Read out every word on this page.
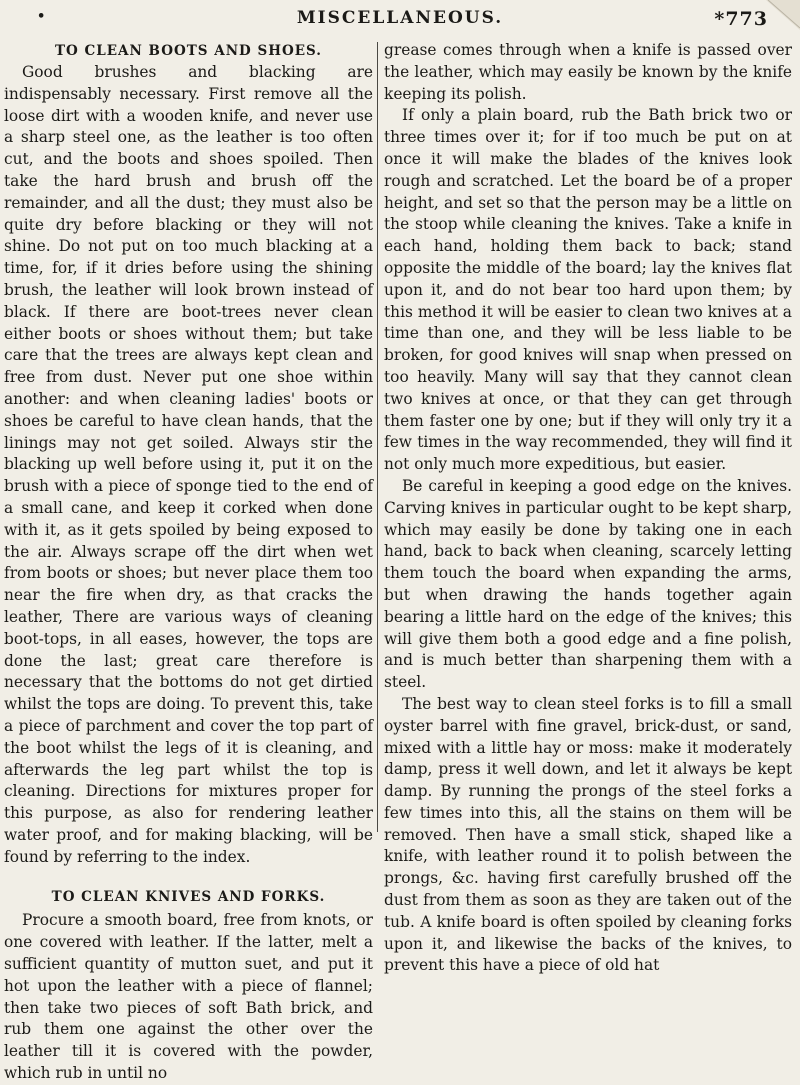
•	MISCELLANEOUS.	*773
TO CLEAN BOOTS AND SHOES.

Good brushes and blacking are indispensably necessary. First remove all the loose dirt with a wooden knife, and never use a sharp steel one, as the leather is too often cut, and the boots and shoes spoiled. Then take the hard brush and brush off the remainder, and all the dust; they must also be quite dry before blacking or they will not shine. Do not put on too much blacking at a time, for, if it dries before using the shining brush, the leather will look brown instead of black. If there are boot-trees never clean either boots or shoes without them; but take care that the trees are always kept clean and free from dust. Never put one shoe within another: and when cleaning ladies' boots or shoes be careful to have clean hands, that the linings may not get soiled. Always stir the blacking up well before using it, put it on the brush with a piece of sponge tied to the end of a small cane, and keep it corked when done with it, as it gets spoiled by being exposed to the air. Always scrape off the dirt when wet from boots or shoes; but never place them too near the fire when dry, as that cracks the leather, There are various ways of cleaning boot-tops, in all eases, however, the tops are done the last; great care therefore is necessary that the bottoms do not get dirtied whilst the tops are doing. To prevent this, take a piece of parchment and cover the top part of the boot whilst the legs of it is cleaning, and afterwards the leg part whilst the top is cleaning. Directions for mixtures proper for this purpose, as also for rendering leather water proof, and for making blacking, will be found by referring to the index.

TO CLEAN KNIVES AND FORKS.

Procure a smooth board, free from knots, or one covered with leather. If the latter, melt a sufficient quantity of mutton suet, and put it hot upon the leather with a piece of flannel; then take two pieces of soft Bath brick, and rub them one against the other over the leather till it is covered with the powder, which rub in until no

grease comes through when a knife is passed over the leather, which may easily be known by the knife keeping its polish.

If only a plain board, rub the Bath brick two or three times over it; for if too much be put on at once it will make the blades of the knives look rough and scratched. Let the board be of a proper height, and set so that the person may be a little on the stoop while cleaning the knives. Take a knife in each hand, holding them back to back; stand opposite the middle of the board; lay the knives flat upon it, and do not bear too hard upon them; by this method it will be easier to clean two knives at a time than one, and they will be less liable to be broken, for good knives will snap when pressed on too heavily. Many will say that they cannot clean two knives at once, or that they can get through them faster one by one; but if they will only try it a few times in the way recommended, they will find it not only much more expeditious, but easier.

Be careful in keeping a good edge on the knives. Carving knives in particular ought to be kept sharp, which may easily be done by taking one in each hand, back to back when cleaning, scarcely letting them touch the board when expanding the arms, but when drawing the hands together again bearing a little hard on the edge of the knives; this will give them both a good edge and a fine polish, and is much better than sharpening them with a steel.

The best way to clean steel forks is to fill a small oyster barrel with fine gravel, brick-dust, or sand, mixed with a little hay or moss: make it moderately damp, press it well down, and let it always be kept damp. By running the prongs of the steel forks a few times into this, all the stains on them will be removed. Then have a small stick, shaped like a knife, with leather round it to polish between the prongs, &c. having first carefully brushed off the dust from them as soon as they are taken out of the tub. A knife board is often spoiled by cleaning forks upon it, and likewise the backs of the knives, to prevent this have a piece of old hat
